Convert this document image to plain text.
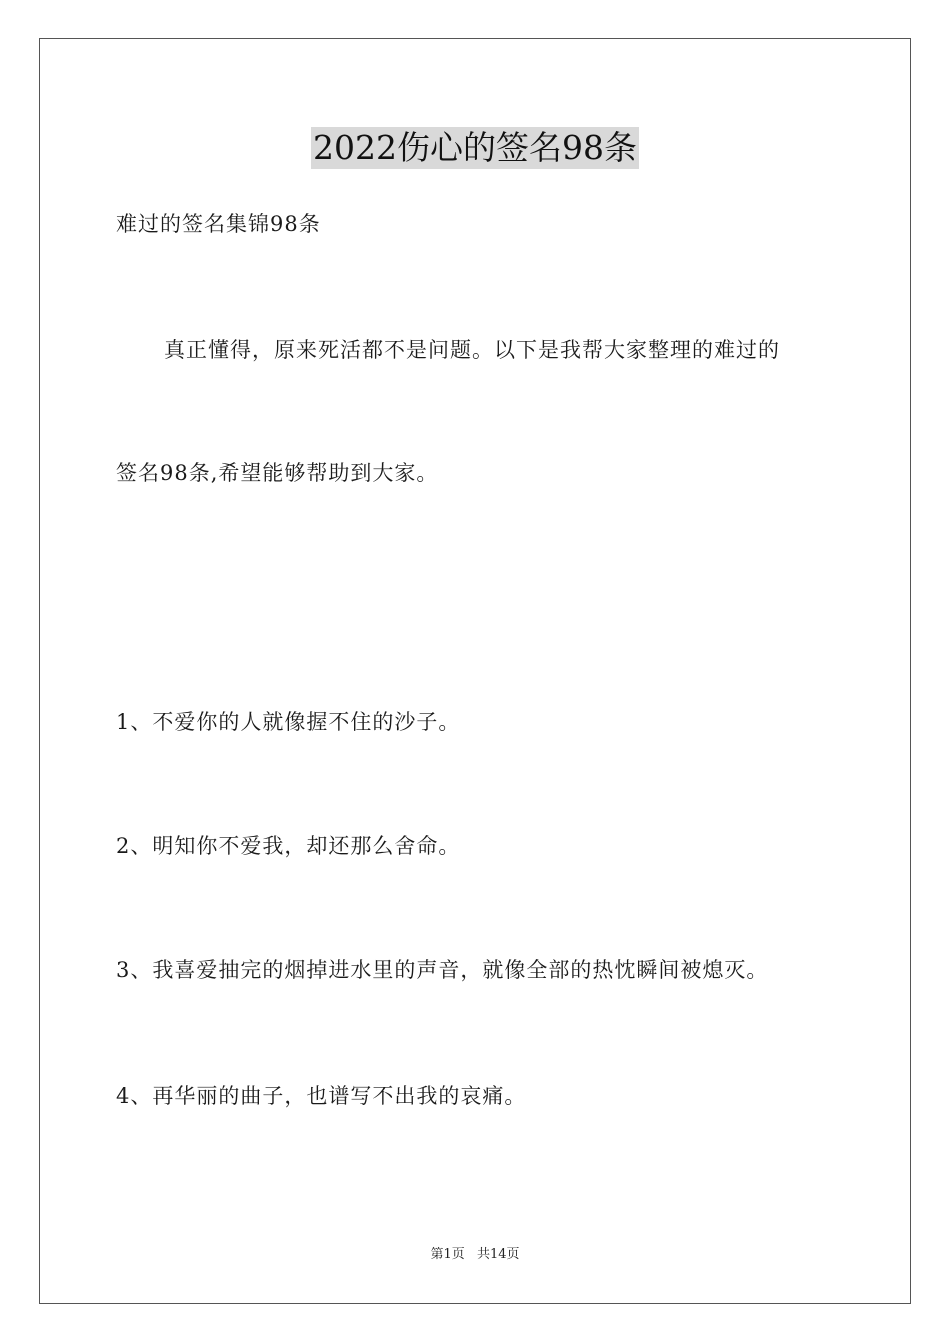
2022伤心的签名98条
难过的签名集锦98条
真正懂得，原来死活都不是问题。以下是我帮大家整理的难过的
签名98条,希望能够帮助到大家。
1、不爱你的人就像握不住的沙子。
2、明知你不爱我，却还那么舍命。
3、我喜爱抽完的烟掉进水里的声音，就像全部的热忱瞬间被熄灭。
4、再华丽的曲子，也谱写不出我的哀痛。
第1页 共14页
